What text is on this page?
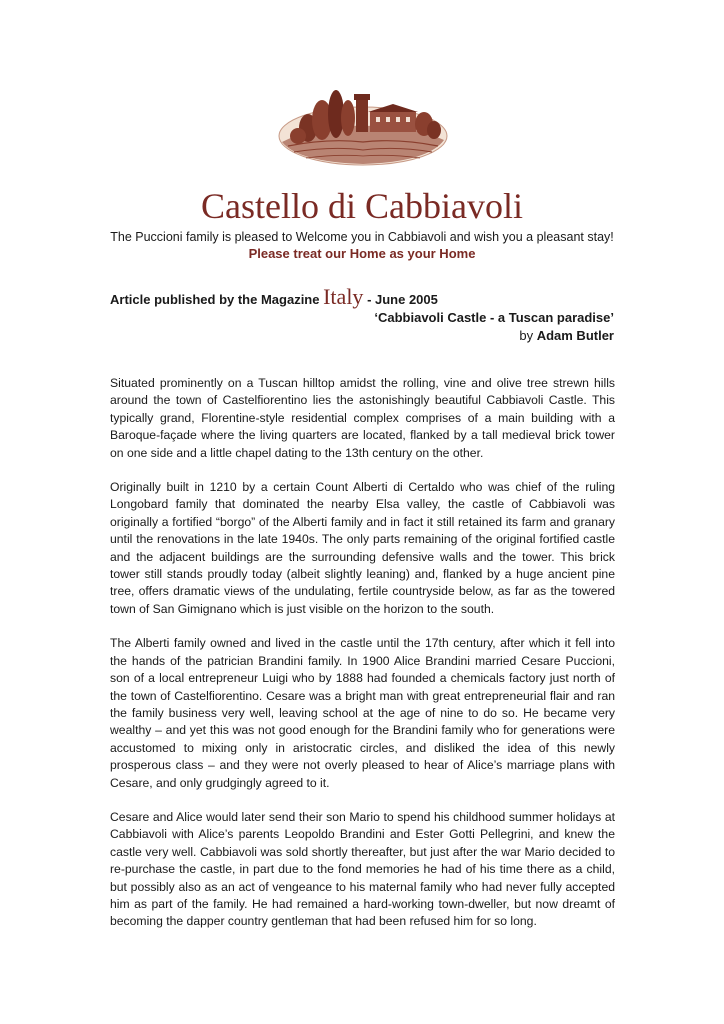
Castello di Cabbiavoli
The Puccioni family is pleased to Welcome you in Cabbiavoli and wish you a pleasant stay!
Please treat our Home as your Home
Article published by the Magazine Italy - June 2005
‘Cabbiavoli Castle - a Tuscan paradise’
by Adam Butler

Situated prominently on a Tuscan hilltop amidst the rolling, vine and olive tree strewn hills around the town of Castelfiorentino lies the astonishingly beautiful Cabbiavoli Castle. This typically grand, Florentine-style residential complex comprises of a main building with a Baroque-façade where the living quarters are located, flanked by a tall medieval brick tower on one side and a little chapel dating to the 13th century on the other.

Originally built in 1210 by a certain Count Alberti di Certaldo who was chief of the ruling Longobard family that dominated the nearby Elsa valley, the castle of Cabbiavoli was originally a fortified “borgo” of the Alberti family and in fact it still retained its farm and granary until the renovations in the late 1940s. The only parts remaining of the original fortified castle and the adjacent buildings are the surrounding defensive walls and the tower. This brick tower still stands proudly today (albeit slightly leaning) and, flanked by a huge ancient pine tree, offers dramatic views of the undulating, fertile countryside below, as far as the towered town of San Gimignano which is just visible on the horizon to the south.

The Alberti family owned and lived in the castle until the 17th century, after which it fell into the hands of the patrician Brandini family. In 1900 Alice Brandini married Cesare Puccioni, son of a local entrepreneur Luigi who by 1888 had founded a chemicals factory just north of the town of Castelfiorentino. Cesare was a bright man with great entrepreneurial flair and ran the family business very well, leaving school at the age of nine to do so. He became very wealthy – and yet this was not good enough for the Brandini family who for generations were accustomed to mixing only in aristocratic circles, and disliked the idea of this newly prosperous class – and they were not overly pleased to hear of Alice’s marriage plans with Cesare, and only grudgingly agreed to it.

Cesare and Alice would later send their son Mario to spend his childhood summer holidays at Cabbiavoli with Alice’s parents Leopoldo Brandini and Ester Gotti Pellegrini, and knew the castle very well. Cabbiavoli was sold shortly thereafter, but just after the war Mario decided to re-purchase the castle, in part due to the fond memories he had of his time there as a child, but possibly also as an act of vengeance to his maternal family who had never fully accepted him as part of the family. He had remained a hard-working town-dweller, but now dreamt of becoming the dapper country gentleman that had been refused him for so long.
